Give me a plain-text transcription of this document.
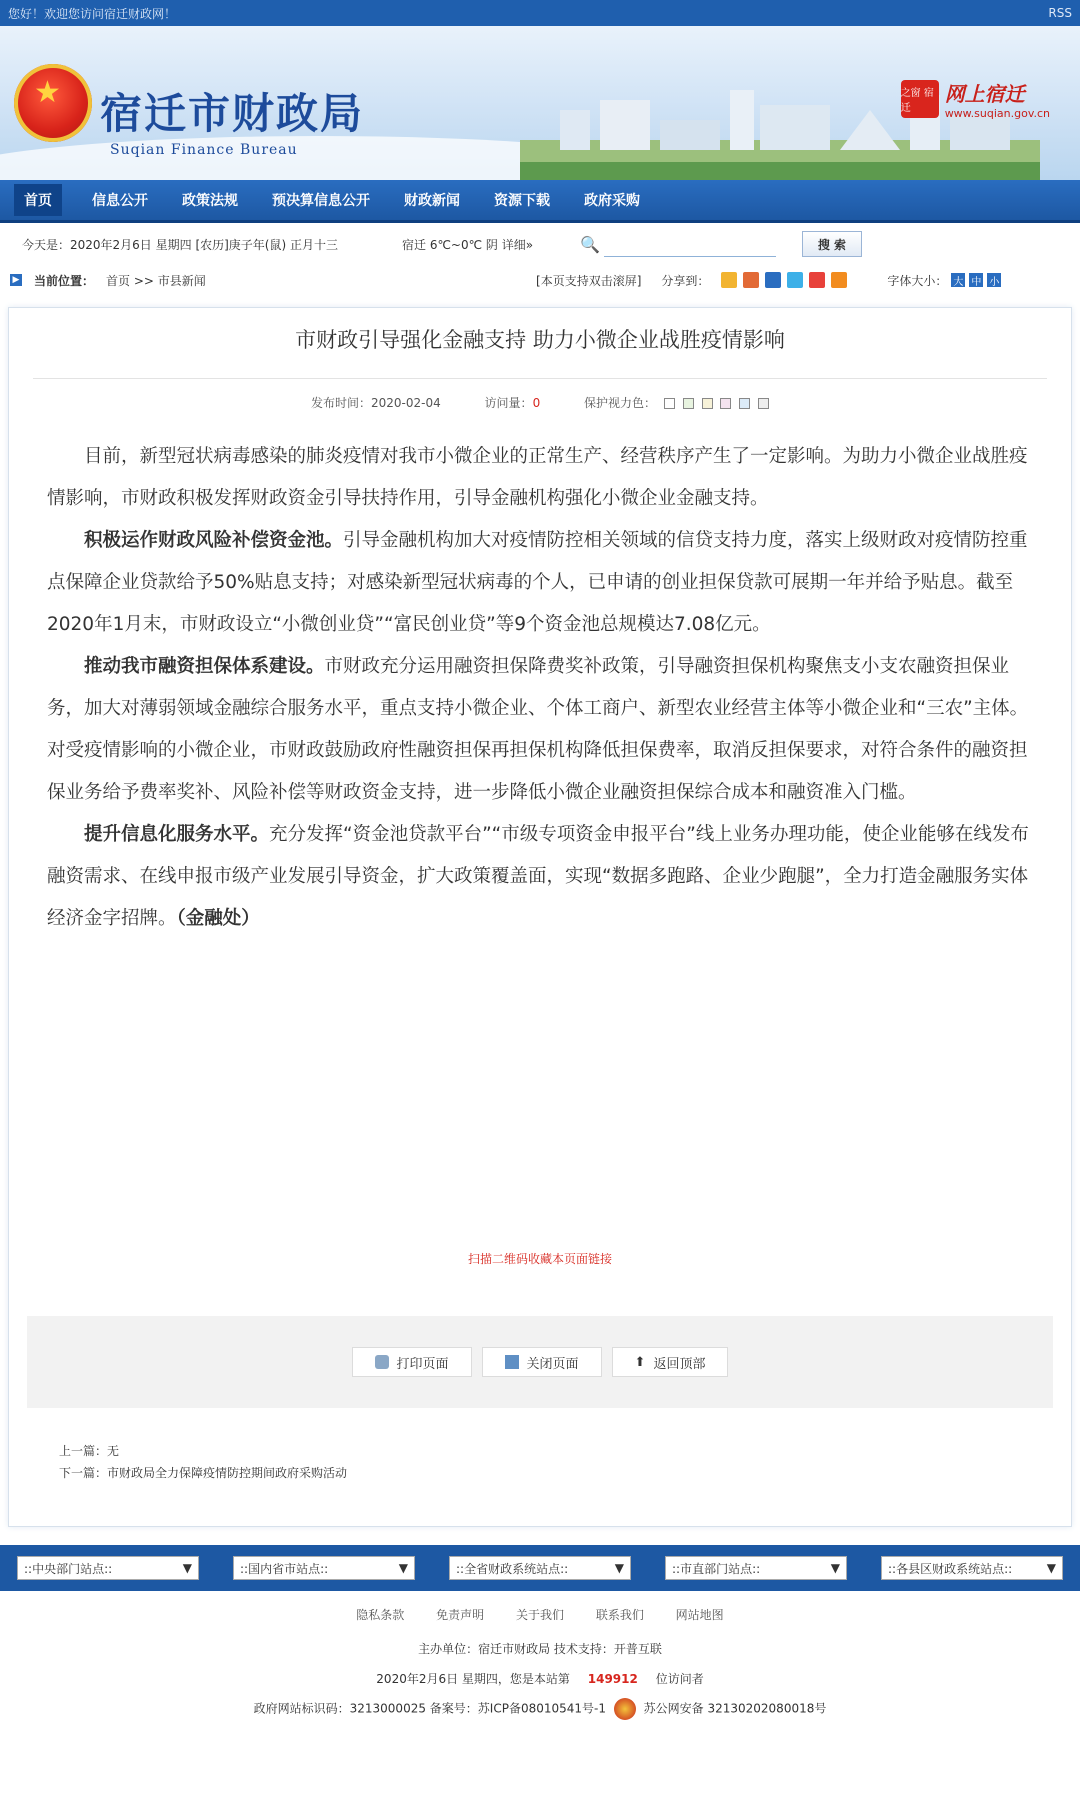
您好！欢迎您访问宿迁财政网！	RSS
★ 宿迁市财政局
Suqian Finance Bureau
之窗 宿迁
网上宿迁
www.suqian.gov.cn
首页	信息公开 政策法规 预决算信息公开 财政新闻 资源下载 政府采购
今天是：2020年2月6日 星期四 [农历]庚子年(鼠) 正月十三	宿迁 6℃~0℃ 阴 详细»	🔍	搜 索
▶ 当前位置： 首页 >> 市县新闻	[本页支持双击滚屏] 分享到：	字体大小： 大 中 小
市财政引导强化金融支持 助力小微企业战胜疫情影响
发布时间：2020-02-04	访问量：0	保护视力色：

目前，新型冠状病毒感染的肺炎疫情对我市小微企业的正常生产、经营秩序产生了一定影响。为助力小微企业战胜疫情影响，市财政积极发挥财政资金引导扶持作用，引导金融机构强化小微企业金融支持。

积极运作财政风险补偿资金池。引导金融机构加大对疫情防控相关领域的信贷支持力度，落实上级财政对疫情防控重点保障企业贷款给予50%贴息支持；对感染新型冠状病毒的个人，已申请的创业担保贷款可展期一年并给予贴息。截至2020年1月末，市财政设立“小微创业贷”“富民创业贷”等9个资金池总规模达7.08亿元。

推动我市融资担保体系建设。市财政充分运用融资担保降费奖补政策，引导融资担保机构聚焦支小支农融资担保业务，加大对薄弱领域金融综合服务水平，重点支持小微企业、个体工商户、新型农业经营主体等小微企业和“三农”主体。对受疫情影响的小微企业，市财政鼓励政府性融资担保再担保机构降低担保费率，取消反担保要求，对符合条件的融资担保业务给予费率奖补、风险补偿等财政资金支持，进一步降低小微企业融资担保综合成本和融资准入门槛。

提升信息化服务水平。充分发挥“资金池贷款平台”“市级专项资金申报平台”线上业务办理功能，使企业能够在线发布融资需求、在线申报市级产业发展引导资金，扩大政策覆盖面，实现“数据多跑路、企业少跑腿”，全力打造金融服务实体经济金字招牌。（金融处）

扫描二维码收藏本页面链接
打印页面	关闭页面	⬆ 返回顶部
上一篇：无
下一篇：市财政局全力保障疫情防控期间政府采购活动
::中央部门站点::	▼	::国内省市站点::	▼	::全省财政系统站点::	▼	::市直部门站点::	▼	::各县区财政系统站点::	▼
隐私条款	免责声明	关于我们	联系我们	网站地图
主办单位：宿迁市财政局 技术支持：开普互联
2020年2月6日 星期四，您是本站第 149912 位访问者
政府网站标识码：3213000025 备案号：苏ICP备08010541号-1	苏公网安备 32130202080018号
